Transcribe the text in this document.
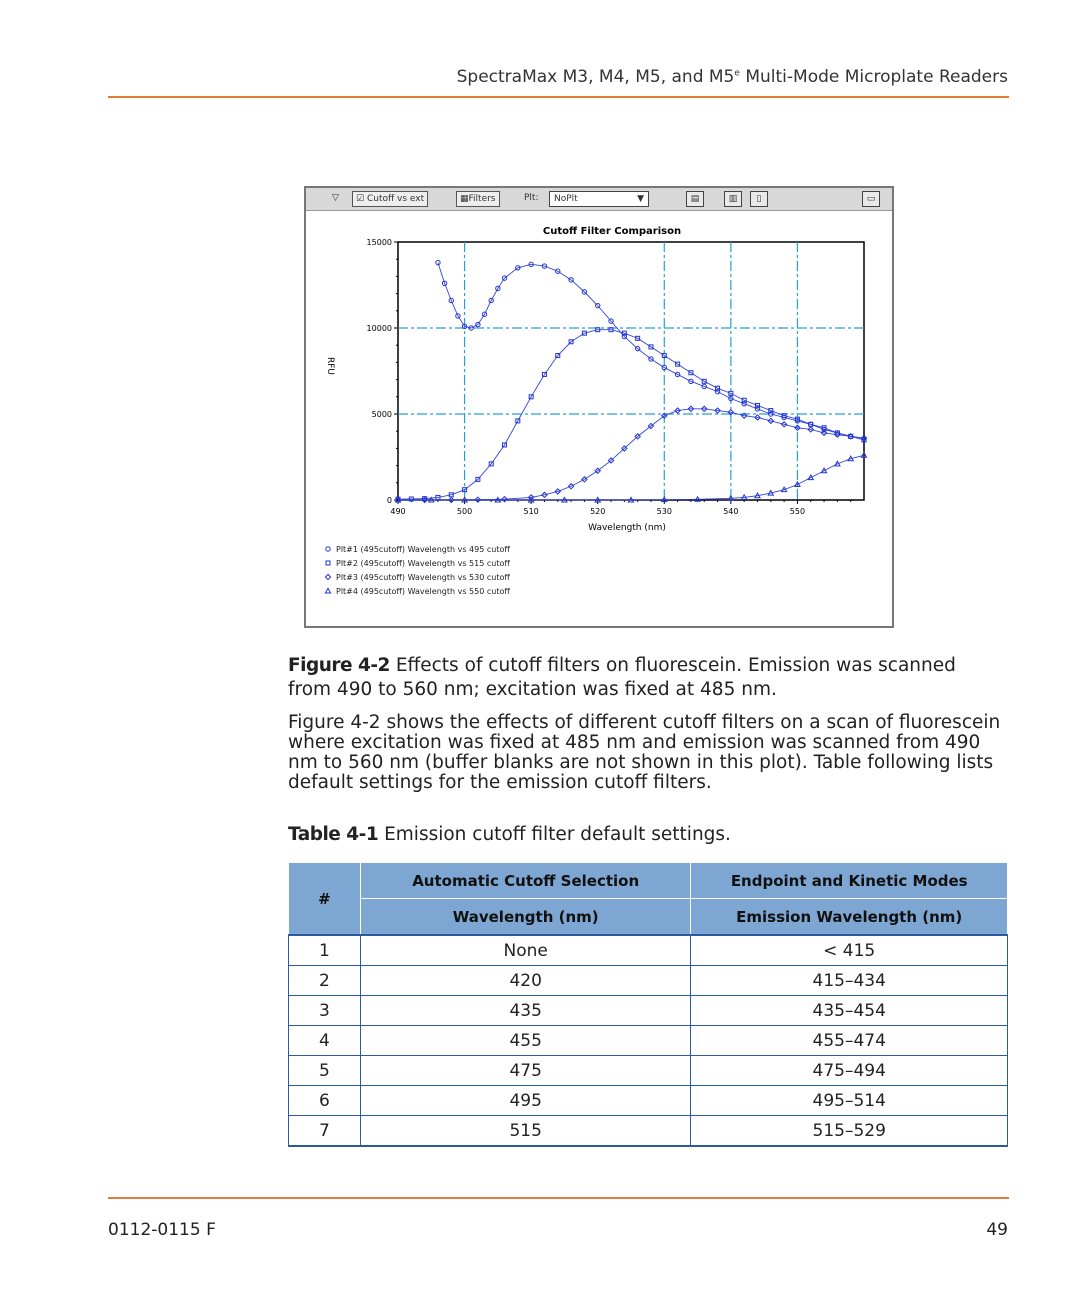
SpectraMax M3, M4, M5, and M5e Multi-Mode Microplate Readers
▽	☑ Cutoff vs ext	▦Filters	Plt:	NoPlt	▼	▤	▥	▯	▭
Cutoff Filter Comparison
RFU
Wavelength (nm)
0
5000
10000
15000
490	500	510	520	530	540	550
Plt#1 (495cutoff) Wavelength vs 495 cutoff
Plt#2 (495cutoff) Wavelength vs 515 cutoff
Plt#3 (495cutoff) Wavelength vs 530 cutoff
Plt#4 (495cutoff) Wavelength vs 550 cutoff
Figure 4-2 Effects of cutoff filters on fluorescein. Emission was scanned
from 490 to 560 nm; excitation was fixed at 485 nm.
Figure 4-2 shows the effects of different cutoff filters on a scan of fluorescein where excitation was fixed at 485 nm and emission was scanned from 490 nm to 560 nm (buffer blanks are not shown in this plot). Table following lists default settings for the emission cutoff filters.
Table 4-1 Emission cutoff filter default settings.
#	Automatic Cutoff Selection	Endpoint and Kinetic Modes
	Wavelength (nm)	Emission Wavelength (nm)
1	None	< 415
2	420	415–434
3	435	435–454
4	455	455–474
5	475	475–494
6	495	495–514
7	515	515–529
0112-0115 F	49
